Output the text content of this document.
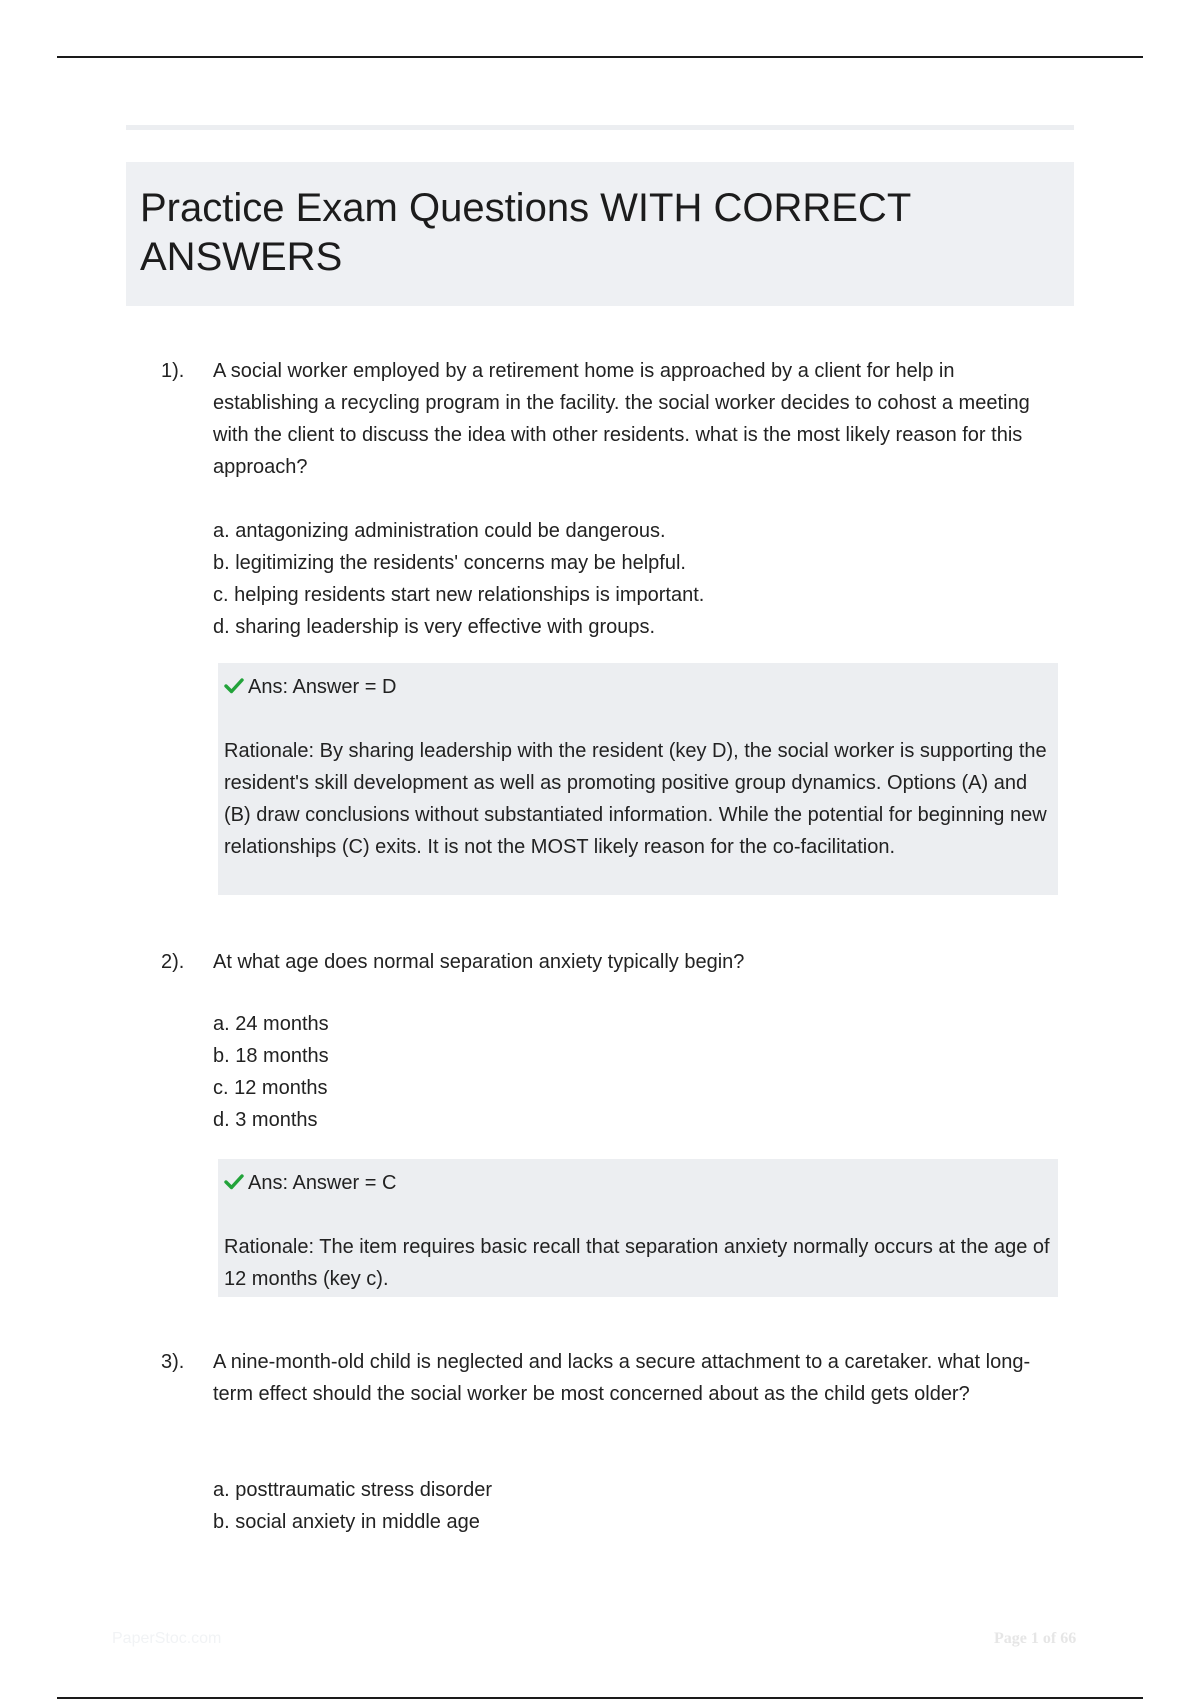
Practice Exam Questions WITH CORRECT ANSWERS
1). A social worker employed by a retirement home is approached by a client for help in establishing a recycling program in the facility. the social worker decides to cohost a meeting with the client to discuss the idea with other residents. what is the most likely reason for this approach?

a. antagonizing administration could be dangerous.
b. legitimizing the residents' concerns may be helpful.
c. helping residents start new relationships is important.
d. sharing leadership is very effective with groups.
Ans: Answer = D

Rationale: By sharing leadership with the resident (key D), the social worker is supporting the resident's skill development as well as promoting positive group dynamics. Options (A) and (B) draw conclusions without substantiated information. While the potential for beginning new relationships (C) exits. It is not the MOST likely reason for the co-facilitation.

2). At what age does normal separation anxiety typically begin?

a. 24 months
b. 18 months
c. 12 months
d. 3 months
Ans: Answer = C

Rationale: The item requires basic recall that separation anxiety normally occurs at the age of 12 months (key c).

3). A nine-month-old child is neglected and lacks a secure attachment to a caretaker. what long-term effect should the social worker be most concerned about as the child gets older?

a. posttraumatic stress disorder
b. social anxiety in middle age
PaperStoc.com	Page 1 of 66
